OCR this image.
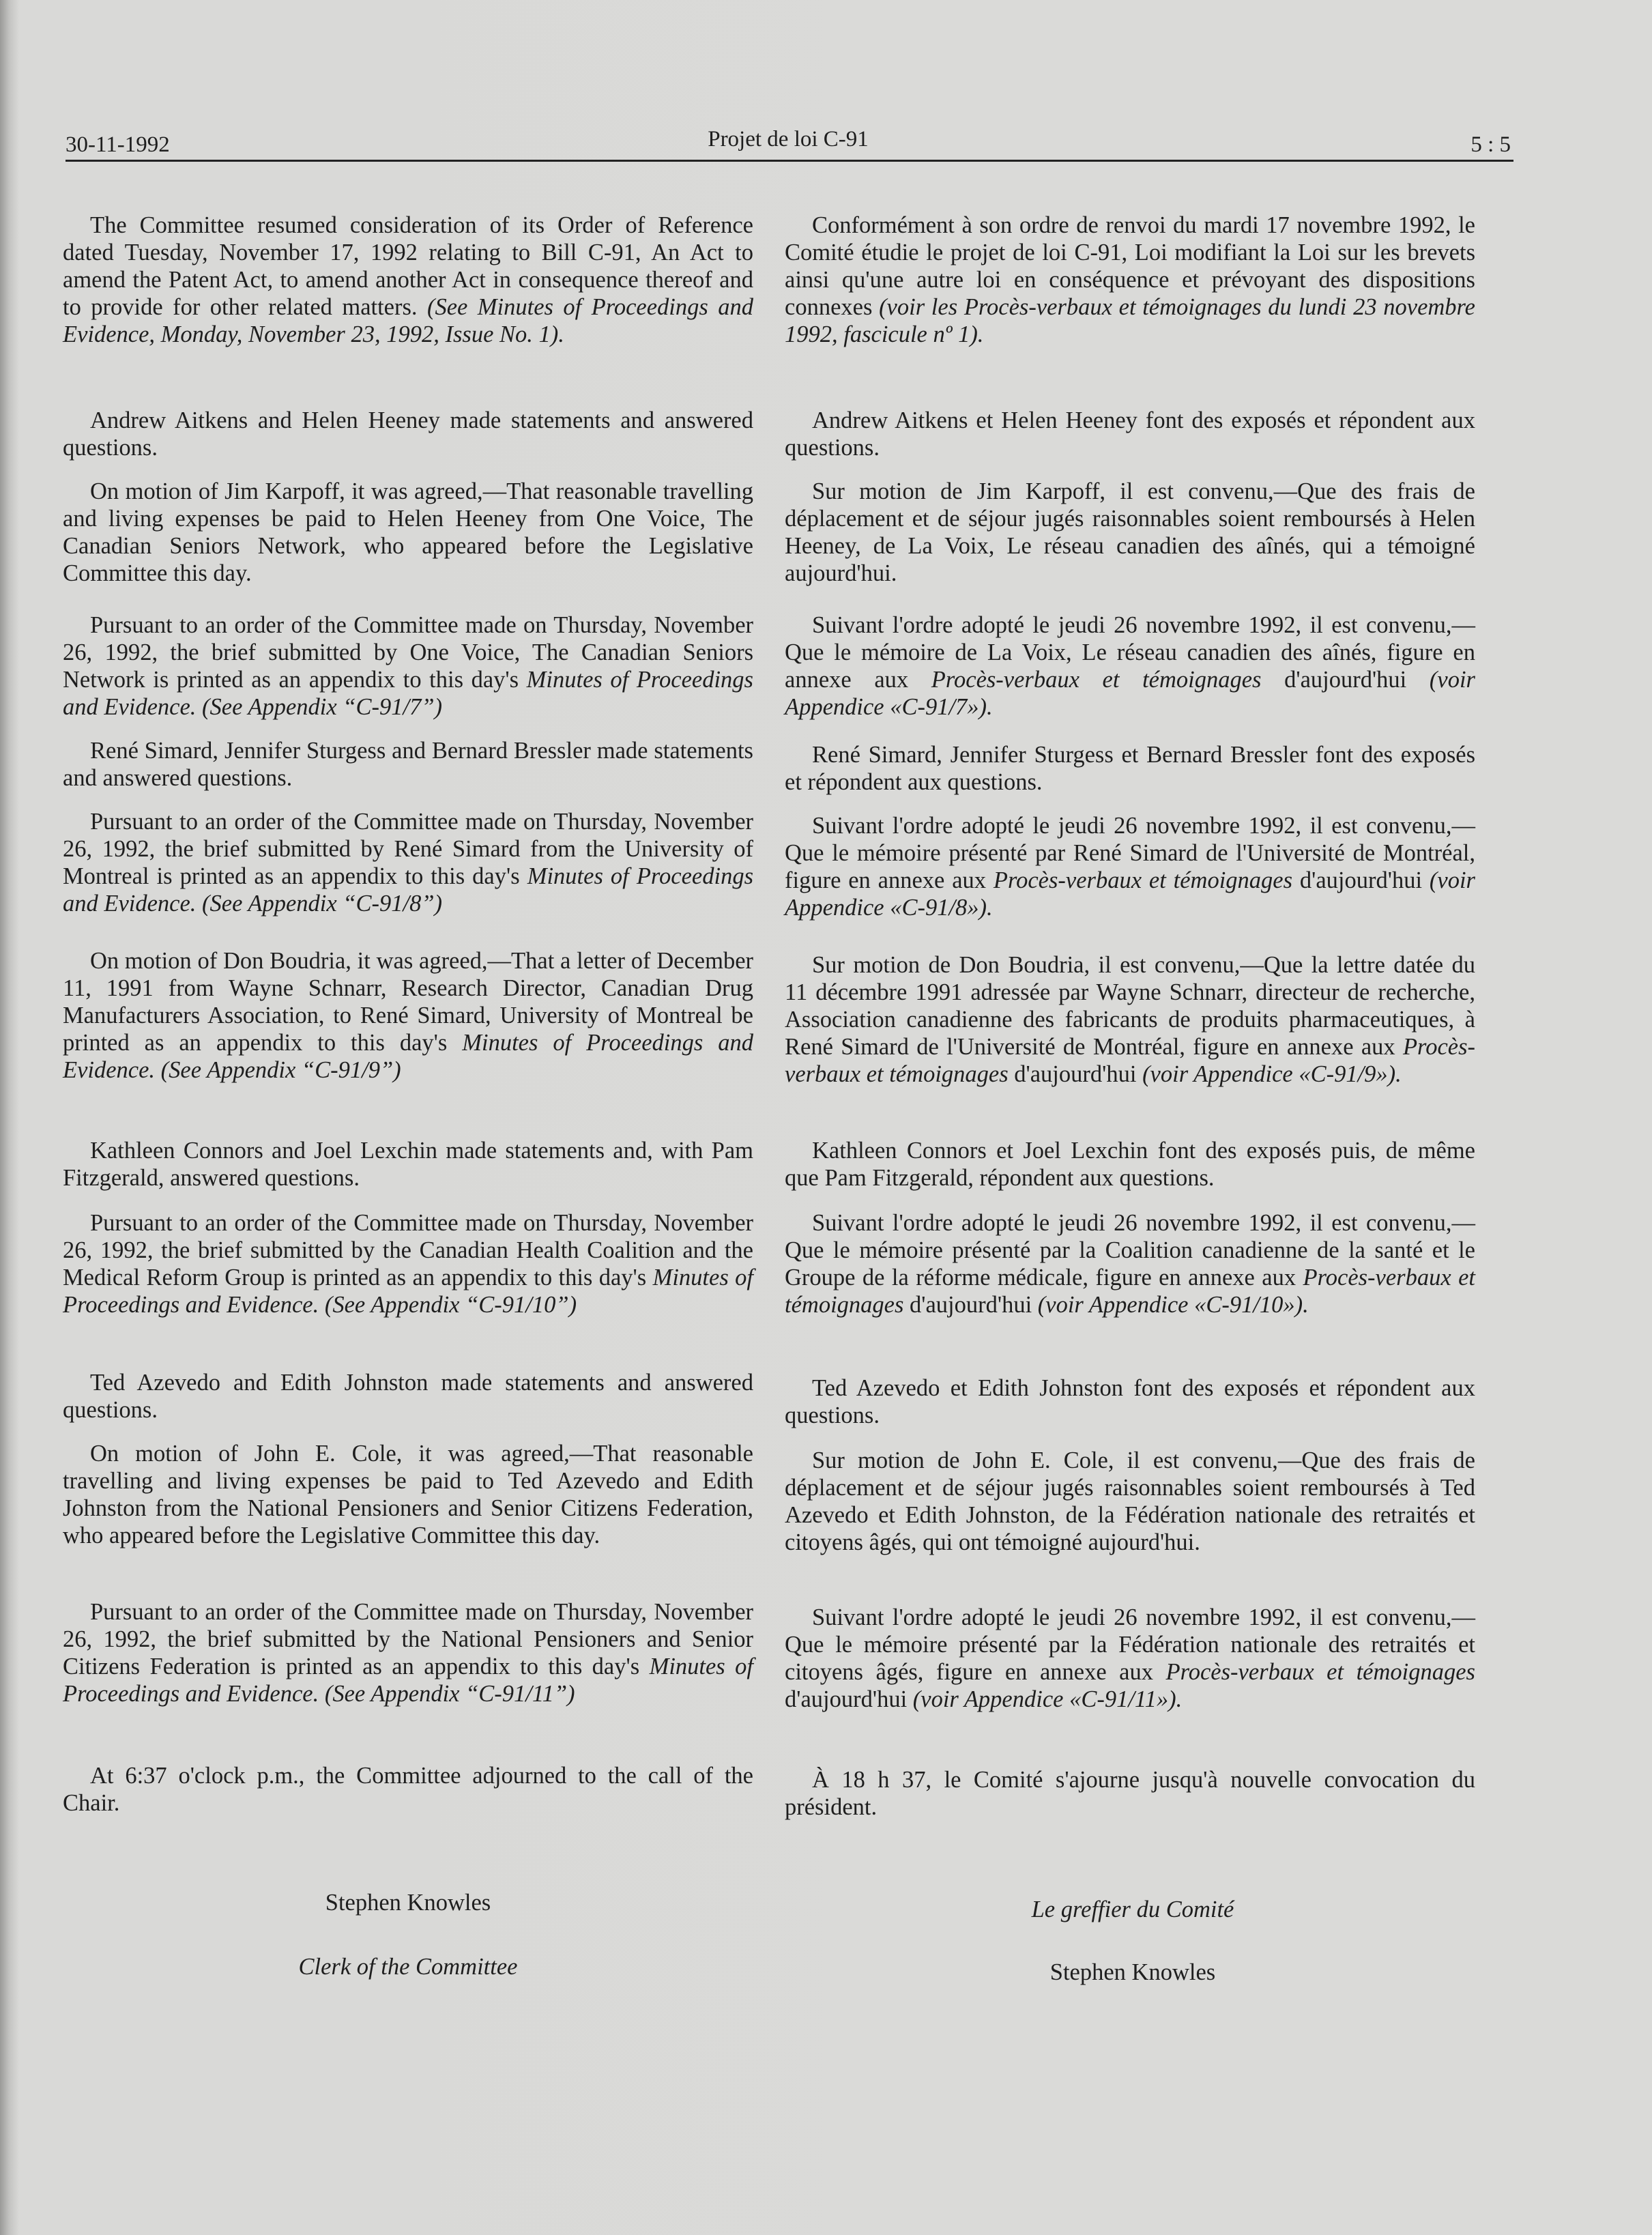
30-11-1992	Projet de loi C-91	5 : 5

The Committee resumed consideration of its Order of Reference dated Tuesday, November 17, 1992 relating to Bill C-91, An Act to amend the Patent Act, to amend another Act in consequence thereof and to provide for other related matters. (See Minutes of Proceedings and Evidence, Monday, November 23, 1992, Issue No. 1).

Andrew Aitkens and Helen Heeney made statements and answered questions.

On motion of Jim Karpoff, it was agreed,—That reasonable travelling and living expenses be paid to Helen Heeney from One Voice, The Canadian Seniors Network, who appeared before the Legislative Committee this day.

Pursuant to an order of the Committee made on Thursday, November 26, 1992, the brief submitted by One Voice, The Canadian Seniors Network is printed as an appendix to this day's Minutes of Proceedings and Evidence. (See Appendix “C-91/7”)

René Simard, Jennifer Sturgess and Bernard Bressler made statements and answered questions.

Pursuant to an order of the Committee made on Thursday, November 26, 1992, the brief submitted by René Simard from the University of Montreal is printed as an appendix to this day's Minutes of Proceedings and Evidence. (See Appendix “C-91/8”)

On motion of Don Boudria, it was agreed,—That a letter of December 11, 1991 from Wayne Schnarr, Research Director, Canadian Drug Manufacturers Association, to René Simard, University of Montreal be printed as an appendix to this day's Minutes of Proceedings and Evidence. (See Appendix “C-91/9”)

Kathleen Connors and Joel Lexchin made statements and, with Pam Fitzgerald, answered questions.

Pursuant to an order of the Committee made on Thursday, November 26, 1992, the brief submitted by the Canadian Health Coalition and the Medical Reform Group is printed as an appendix to this day's Minutes of Proceedings and Evidence. (See Appendix “C-91/10”)

Ted Azevedo and Edith Johnston made statements and answered questions.

On motion of John E. Cole, it was agreed,—That reasonable travelling and living expenses be paid to Ted Azevedo and Edith Johnston from the National Pensioners and Senior Citizens Federation, who appeared before the Legislative Committee this day.

Pursuant to an order of the Committee made on Thursday, November 26, 1992, the brief submitted by the National Pensioners and Senior Citizens Federation is printed as an appendix to this day's Minutes of Proceedings and Evidence. (See Appendix “C-91/11”)

At 6:37 o'clock p.m., the Committee adjourned to the call of the Chair.

Conformément à son ordre de renvoi du mardi 17 novembre 1992, le Comité étudie le projet de loi C-91, Loi modifiant la Loi sur les brevets ainsi qu'une autre loi en conséquence et prévoyant des dispositions connexes (voir les Procès-verbaux et témoignages du lundi 23 novembre 1992, fascicule nº 1).

Andrew Aitkens et Helen Heeney font des exposés et répondent aux questions.

Sur motion de Jim Karpoff, il est convenu,—Que des frais de déplacement et de séjour jugés raisonnables soient remboursés à Helen Heeney, de La Voix, Le réseau canadien des aînés, qui a témoigné aujourd'hui.

Suivant l'ordre adopté le jeudi 26 novembre 1992, il est convenu,—Que le mémoire de La Voix, Le réseau canadien des aînés, figure en annexe aux Procès-verbaux et témoignages d'aujourd'hui (voir Appendice «C-91/7»).

René Simard, Jennifer Sturgess et Bernard Bressler font des exposés et répondent aux questions.

Suivant l'ordre adopté le jeudi 26 novembre 1992, il est convenu,—Que le mémoire présenté par René Simard de l'Université de Montréal, figure en annexe aux Procès-verbaux et témoignages d'aujourd'hui (voir Appendice «C-91/8»).

Sur motion de Don Boudria, il est convenu,—Que la lettre datée du 11 décembre 1991 adressée par Wayne Schnarr, directeur de recherche, Association canadienne des fabricants de produits pharmaceutiques, à René Simard de l'Université de Montréal, figure en annexe aux Procès-verbaux et témoignages d'aujourd'hui (voir Appendice «C-91/9»).

Kathleen Connors et Joel Lexchin font des exposés puis, de même que Pam Fitzgerald, répondent aux questions.

Suivant l'ordre adopté le jeudi 26 novembre 1992, il est convenu,—Que le mémoire présenté par la Coalition canadienne de la santé et le Groupe de la réforme médicale, figure en annexe aux Procès-verbaux et témoignages d'aujourd'hui (voir Appendice «C-91/10»).

Ted Azevedo et Edith Johnston font des exposés et répondent aux questions.

Sur motion de John E. Cole, il est convenu,—Que des frais de déplacement et de séjour jugés raisonnables soient remboursés à Ted Azevedo et Edith Johnston, de la Fédération nationale des retraités et citoyens âgés, qui ont témoigné aujourd'hui.

Suivant l'ordre adopté le jeudi 26 novembre 1992, il est convenu,—Que le mémoire présenté par la Fédération nationale des retraités et citoyens âgés, figure en annexe aux Procès-verbaux et témoignages d'aujourd'hui (voir Appendice «C-91/11»).

À 18 h 37, le Comité s'ajourne jusqu'à nouvelle convocation du président.

Stephen Knowles
Clerk of the Committee
Le greffier du Comité
Stephen Knowles
